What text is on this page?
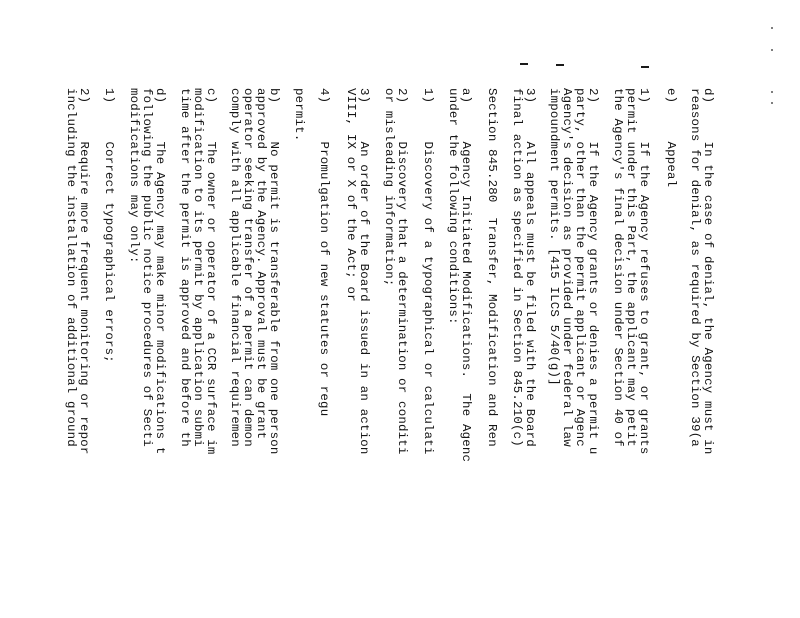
d)     In the case of denial, the Agency must in
reasons for denial, as required by Section 39(a
e)     Appeal
1)     If the Agency refuses to grant, or grants
permit under this Part, the applicant may petit
the Agency's final decision under Section 40 of
2)     If the Agency grants or denies a permit u
party, other than the permit applicant or Agenc
Agency's decision as provided under federal law
impoundment permits. [415 ILCS 5/40(g)]
3)     All appeals must be filed with the Board
final action as specified in Section 845.210(c)
Section 845.280  Transfer, Modification and Ren
a)     Agency Initiated Modifications.  The Agenc
under the following conditions:
1)     Discovery of a typographical or calculati
2)     Discovery that a determination or conditi
or misleading information;
3)     An order of the Board issued in an action
VIII, IX or X of the Act; or
4)     Promulgation of new statutes or regu
permit.
b)     No permit is transferable from one person
approved by the Agency. Approval must be grant
operator seeking transfer of a permit can demon
comply with all applicable financial requiremen
c)     The owner or operator of a CCR surface im
modification to its permit by application submi
time after the permit is approved and before th
d)     The Agency may make minor modifications t
following the public notice procedures of Secti
modifications may only:
1)     Correct typographical errors;
2)     Require more frequent monitoring or repor
including the installation of additional ground
